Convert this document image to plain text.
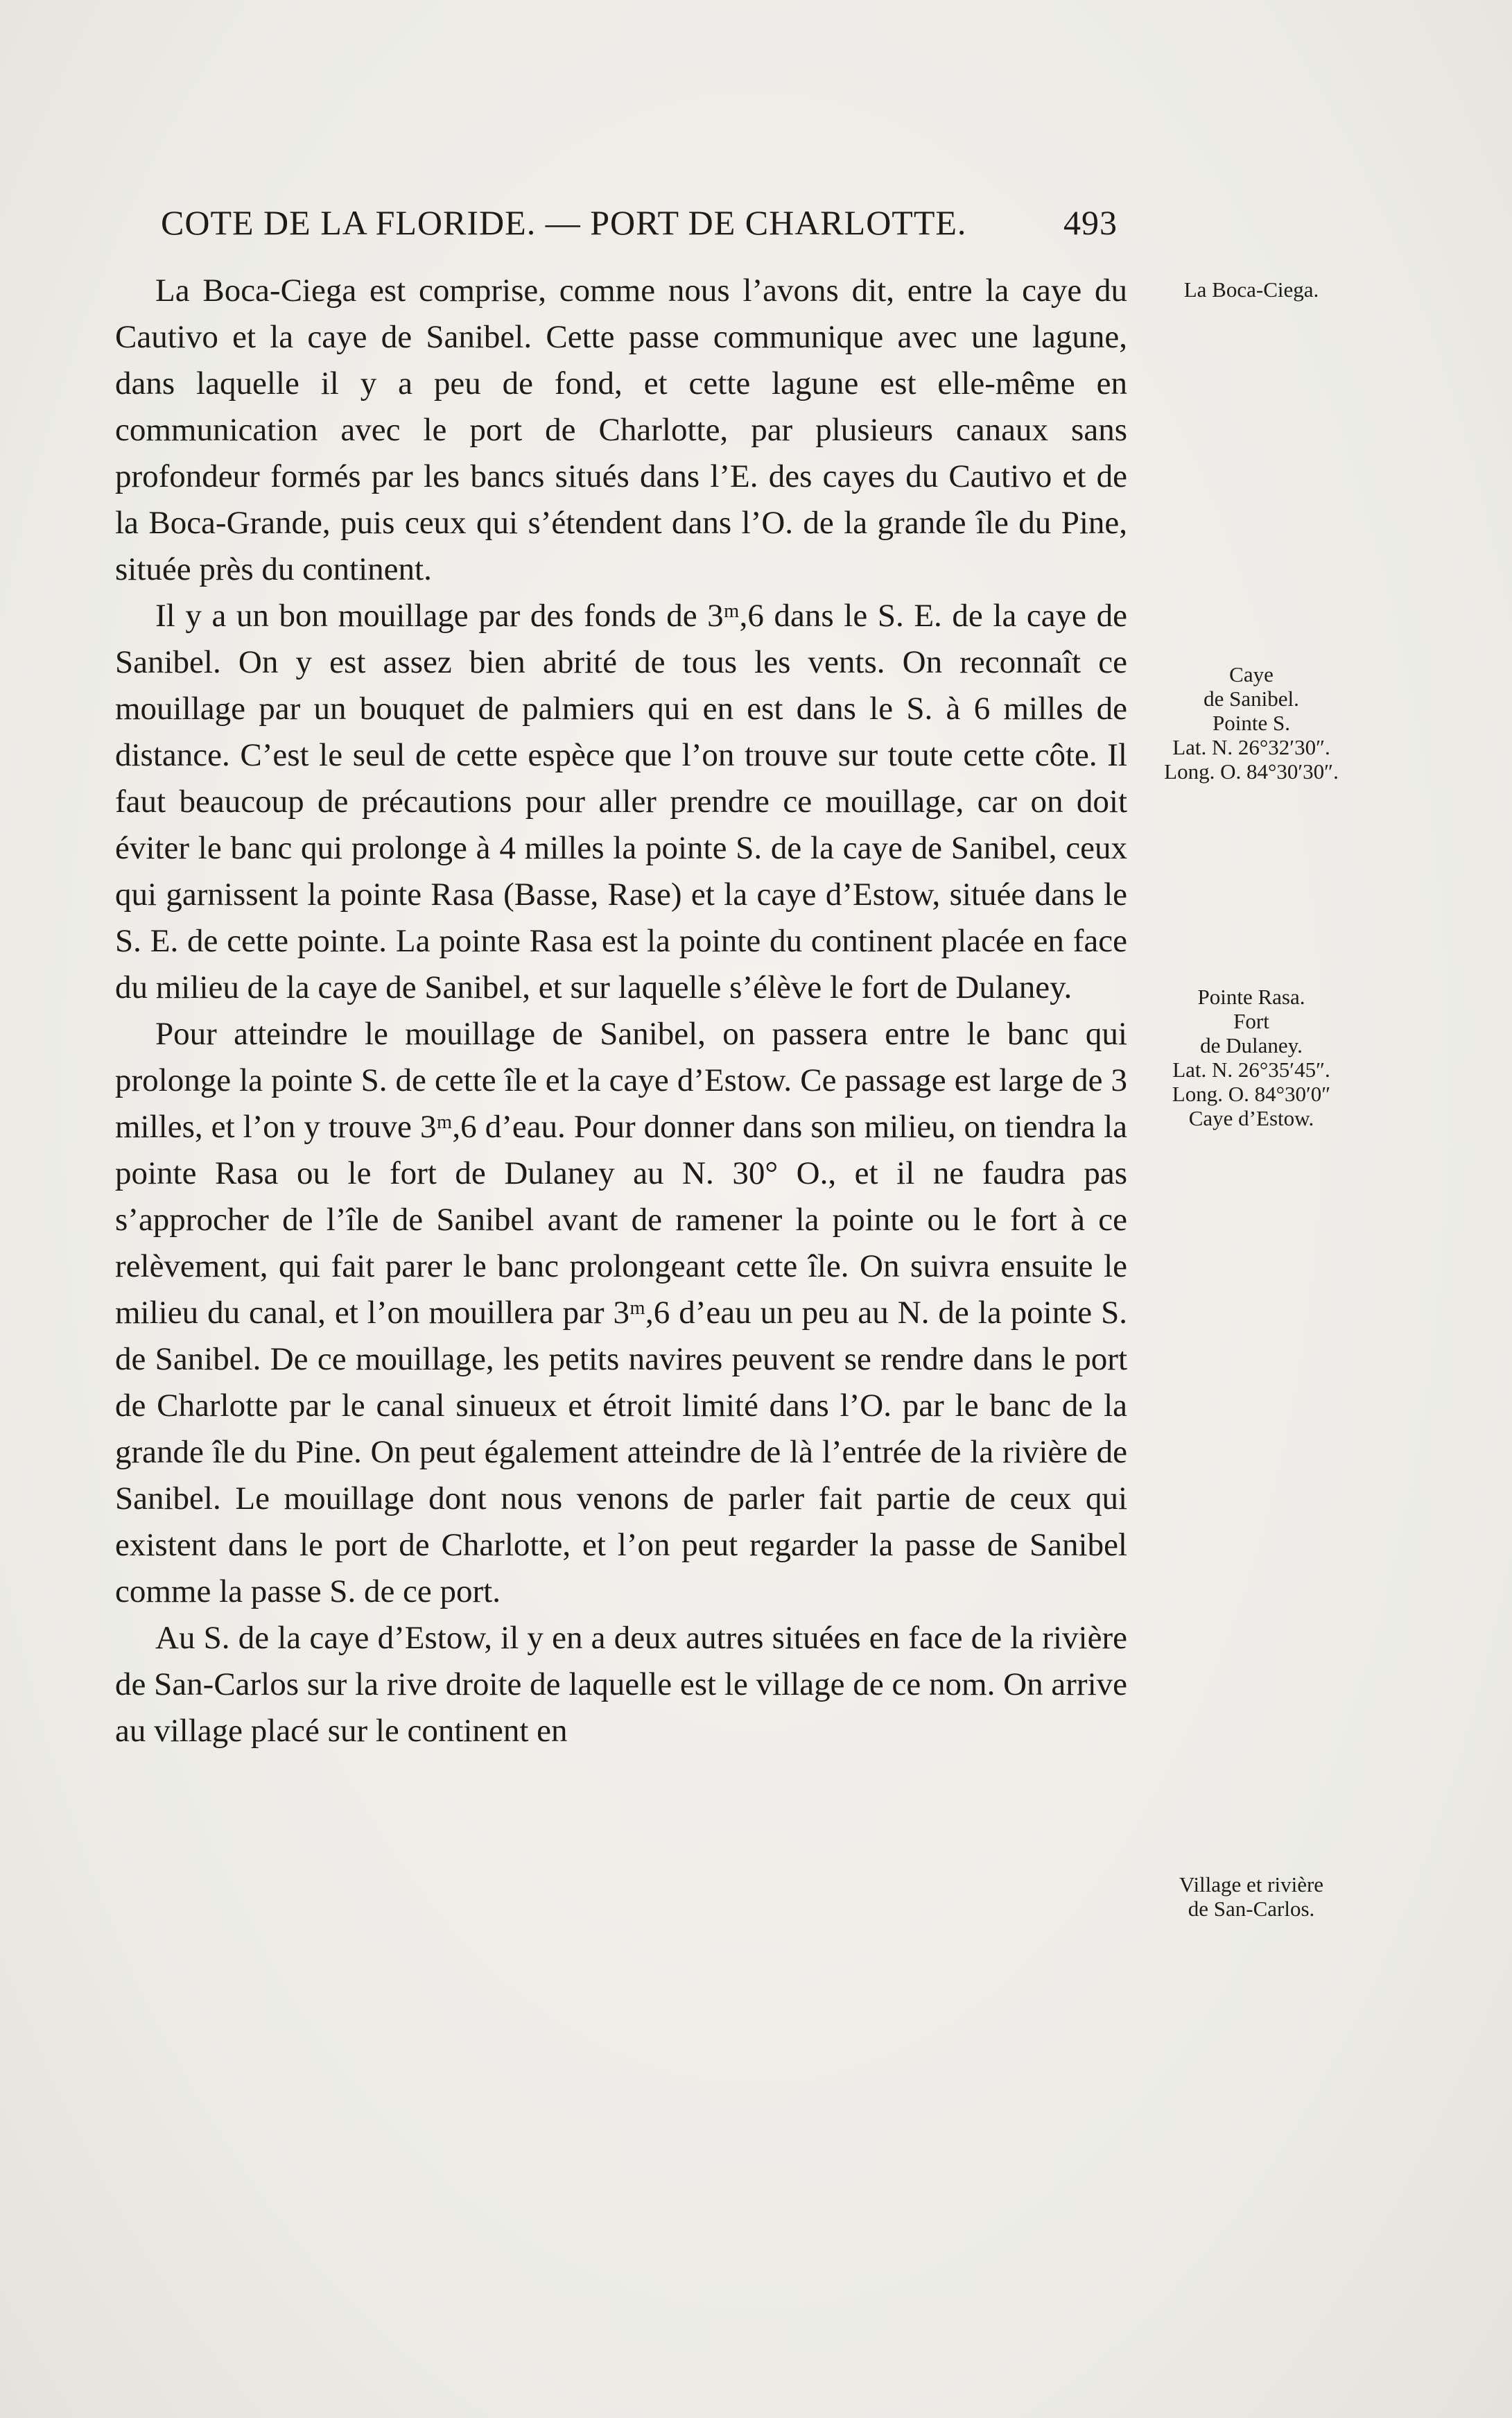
COTE DE LA FLORIDE. — PORT DE CHARLOTTE.	493

La Boca-Ciega est comprise, comme nous l’avons dit, entre la caye du Cautivo et la caye de Sanibel. Cette passe communique avec une lagune, dans laquelle il y a peu de fond, et cette lagune est elle-même en communication avec le port de Charlotte, par plusieurs canaux sans profondeur formés par les bancs situés dans l’E. des cayes du Cautivo et de la Boca-Grande, puis ceux qui s’étendent dans l’O. de la grande île du Pine, située près du continent.

Il y a un bon mouillage par des fonds de 3ᵐ,6 dans le S. E. de la caye de Sanibel. On y est assez bien abrité de tous les vents. On reconnaît ce mouillage par un bouquet de palmiers qui en est dans le S. à 6 milles de distance. C’est le seul de cette espèce que l’on trouve sur toute cette côte. Il faut beaucoup de précautions pour aller prendre ce mouillage, car on doit éviter le banc qui prolonge à 4 milles la pointe S. de la caye de Sanibel, ceux qui garnissent la pointe Rasa (Basse, Rase) et la caye d’Estow, située dans le S. E. de cette pointe. La pointe Rasa est la pointe du continent placée en face du milieu de la caye de Sanibel, et sur laquelle s’élève le fort de Dulaney.

Pour atteindre le mouillage de Sanibel, on passera entre le banc qui prolonge la pointe S. de cette île et la caye d’Estow. Ce passage est large de 3 milles, et l’on y trouve 3ᵐ,6 d’eau. Pour donner dans son milieu, on tiendra la pointe Rasa ou le fort de Dulaney au N. 30° O., et il ne faudra pas s’approcher de l’île de Sanibel avant de ramener la pointe ou le fort à ce relèvement, qui fait parer le banc prolongeant cette île. On suivra ensuite le milieu du canal, et l’on mouillera par 3ᵐ,6 d’eau un peu au N. de la pointe S. de Sanibel. De ce mouillage, les petits navires peuvent se rendre dans le port de Charlotte par le canal sinueux et étroit limité dans l’O. par le banc de la grande île du Pine. On peut également atteindre de là l’entrée de la rivière de Sanibel. Le mouillage dont nous venons de parler fait partie de ceux qui existent dans le port de Charlotte, et l’on peut regarder la passe de Sanibel comme la passe S. de ce port.

Au S. de la caye d’Estow, il y en a deux autres situées en face de la rivière de San-Carlos sur la rive droite de laquelle est le village de ce nom. On arrive au village placé sur le continent en

La Boca-Ciega.
Caye
de Sanibel.
Pointe S.
Lat. N. 26°32′30″.
Long. O. 84°30′30″.
Pointe Rasa.
Fort
de Dulaney.
Lat. N. 26°35′45″.
Long. O. 84°30′0″
Caye d’Estow.
Village et rivière
de San-Carlos.
